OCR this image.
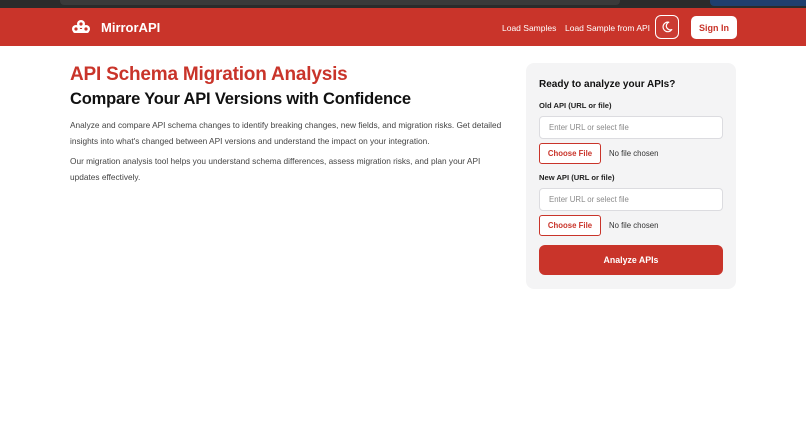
MirrorAPI	Load Samples Load Sample from API	Sign In
API Schema Migration Analysis
Compare Your API Versions with Confidence

Analyze and compare API schema changes to identify breaking changes, new fields, and migration risks. Get detailed insights into what's changed between API versions and understand the impact on your integration.

Our migration analysis tool helps you understand schema differences, assess migration risks, and plan your API updates effectively.

Ready to analyze your APIs?
Old API (URL or file)
Enter URL or select file
Choose File	No file chosen
New API (URL or file)
Enter URL or select file
Choose File	No file chosen
Analyze APIs
